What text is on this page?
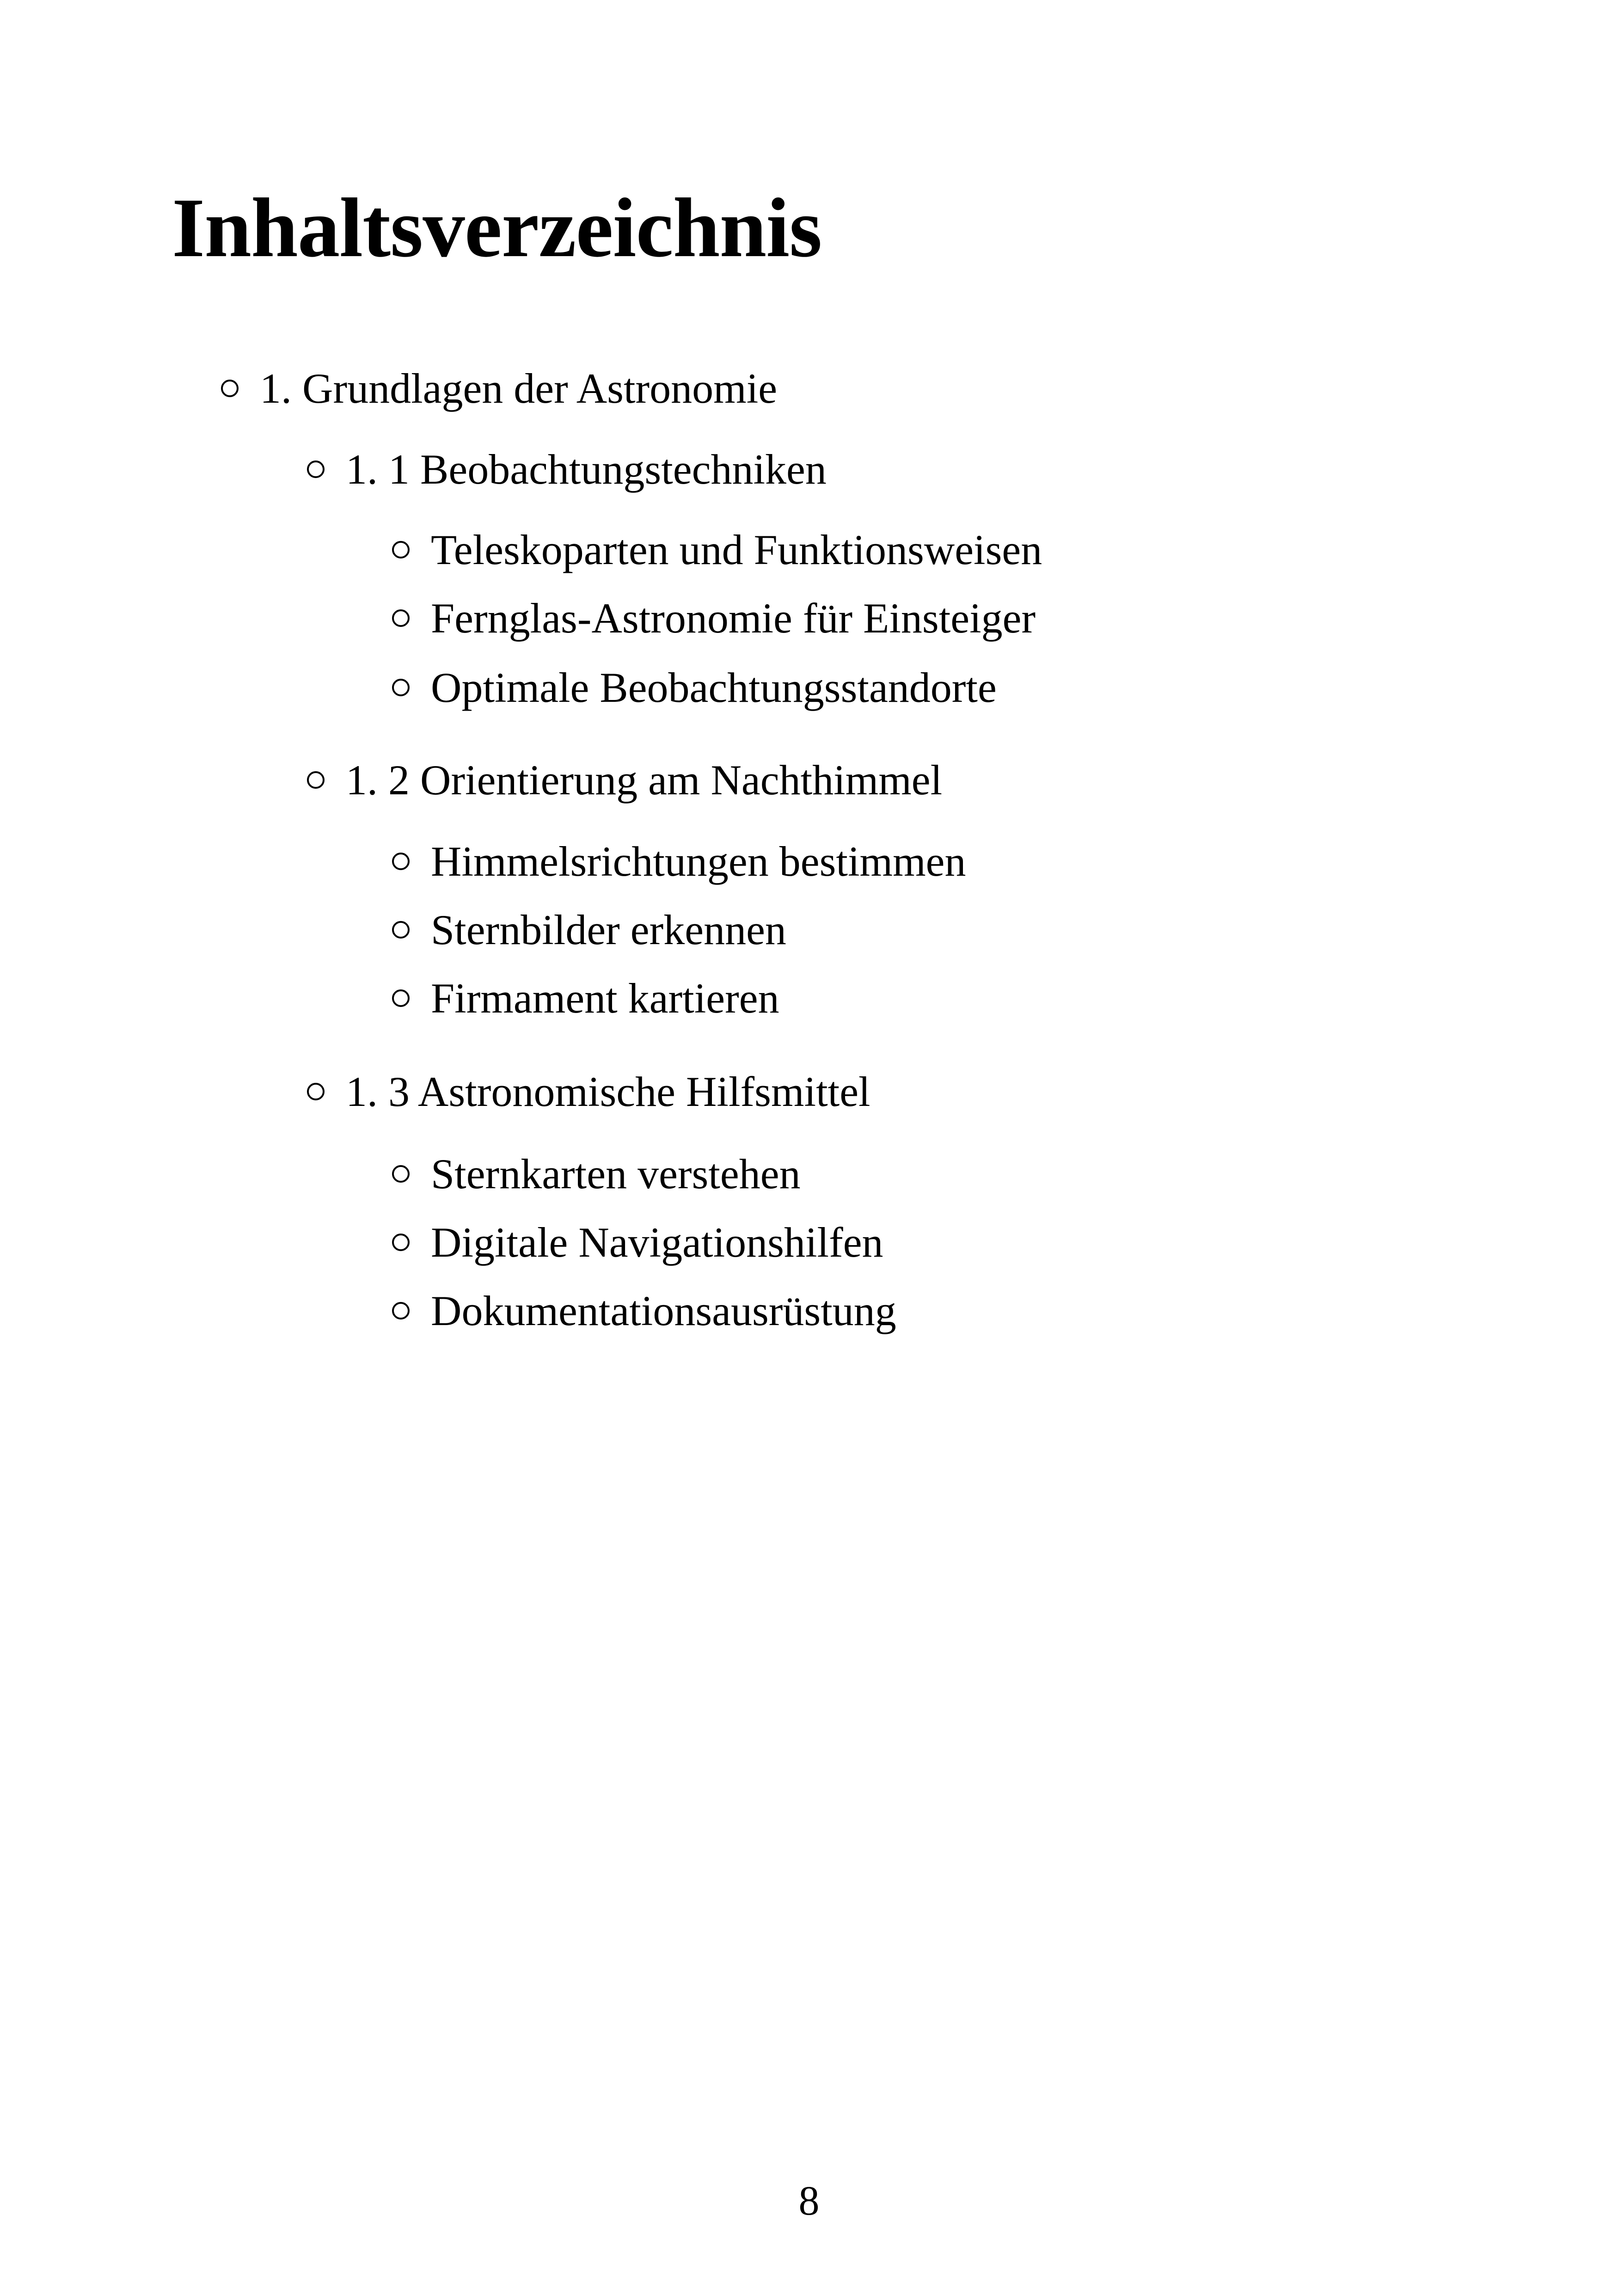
Inhaltsverzeichnis
1. Grundlagen der Astronomie
1. 1 Beobachtungstechniken
Teleskoparten und Funktionsweisen
Fernglas-Astronomie für Einsteiger
Optimale Beobachtungsstandorte
1. 2 Orientierung am Nachthimmel
Himmelsrichtungen bestimmen
Sternbilder erkennen
Firmament kartieren
1. 3 Astronomische Hilfsmittel
Sternkarten verstehen
Digitale Navigationshilfen
Dokumentationsausrüstung
8
